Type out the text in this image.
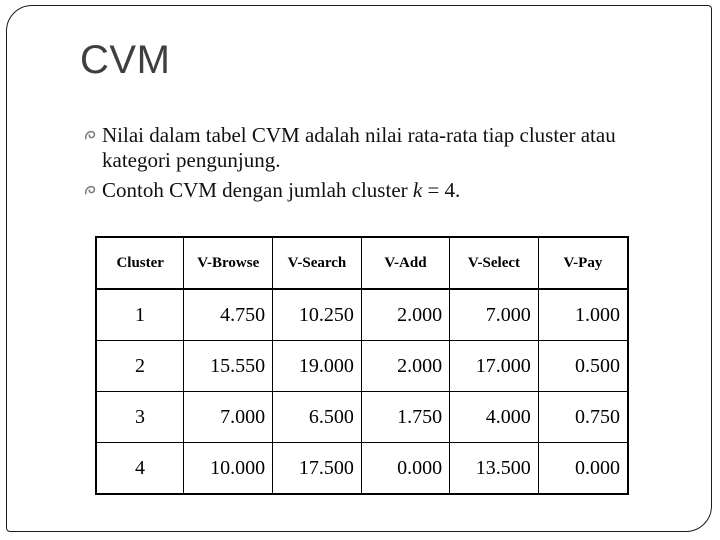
CVM
Nilai dalam tabel CVM adalah nilai rata-rata tiap cluster atau kategori pengunjung.
Contoh CVM dengan jumlah cluster k = 4.
Cluster	V-Browse	V-Search	V-Add	V-Select	V-Pay
1	4.750	10.250	2.000	7.000	1.000
2	15.550	19.000	2.000	17.000	0.500
3	7.000	6.500	1.750	4.000	0.750
4	10.000	17.500	0.000	13.500	0.000
